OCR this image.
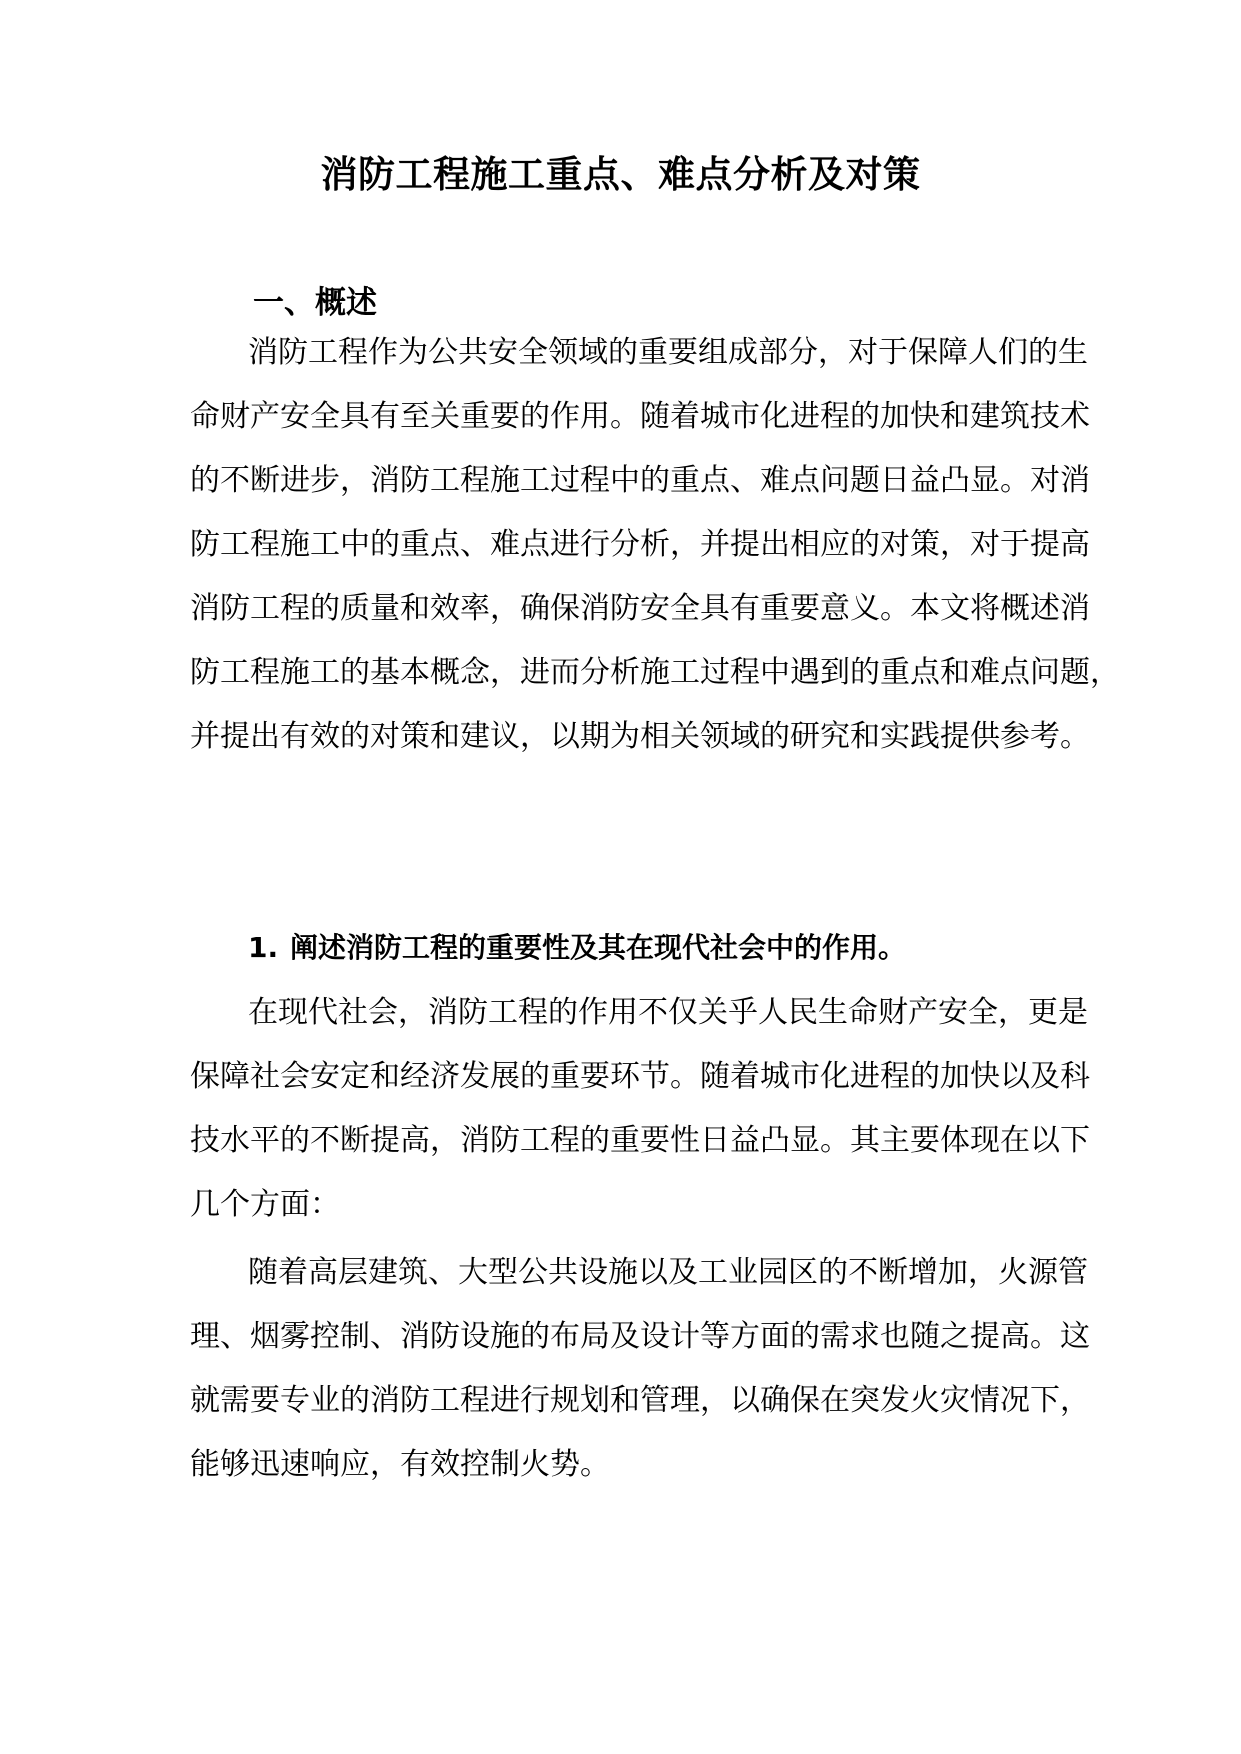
消防工程施工重点、难点分析及对策
一、概述
消防工程作为公共安全领域的重要组成部分，对于保障人们的生
命财产安全具有至关重要的作用。随着城市化进程的加快和建筑技术
的不断进步，消防工程施工过程中的重点、难点问题日益凸显。对消
防工程施工中的重点、难点进行分析，并提出相应的对策，对于提高
消防工程的质量和效率，确保消防安全具有重要意义。本文将概述消
防工程施工的基本概念，进而分析施工过程中遇到的重点和难点问题，
并提出有效的对策和建议，以期为相关领域的研究和实践提供参考。
1. 阐述消防工程的重要性及其在现代社会中的作用。
在现代社会，消防工程的作用不仅关乎人民生命财产安全，更是
保障社会安定和经济发展的重要环节。随着城市化进程的加快以及科
技水平的不断提高，消防工程的重要性日益凸显。其主要体现在以下
几个方面：
随着高层建筑、大型公共设施以及工业园区的不断增加，火源管
理、烟雾控制、消防设施的布局及设计等方面的需求也随之提高。这
就需要专业的消防工程进行规划和管理，以确保在突发火灾情况下，
能够迅速响应，有效控制火势。
